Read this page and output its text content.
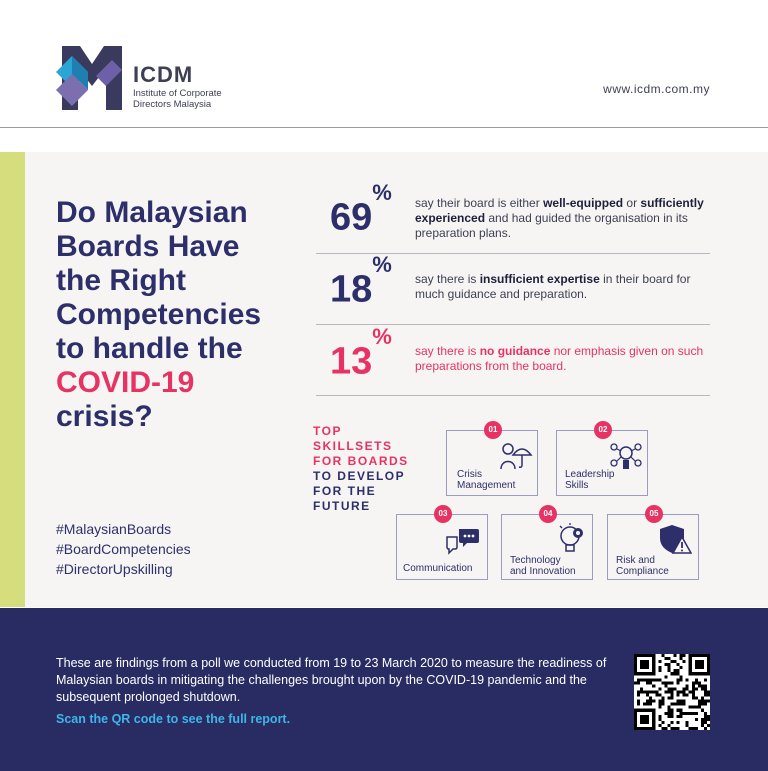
ICDM
Institute of Corporate
Directors Malaysia
www.icdm.com.my
Do Malaysian
Boards Have
the Right
Competencies
to handle the
COVID-19
crisis?
#MalaysianBoards
#BoardCompetencies
#DirectorUpskilling
69% say their board is either well-equipped or sufficiently experienced and had guided the organisation in its preparation plans.
18%
say there is insufficient expertise in their board for much guidance and preparation.
13%
say there is no guidance nor emphasis given on such preparations from the board.
TOP
SKILLSETS
FOR BOARDS
TO DEVELOP
FOR THE
FUTURE
01
Crisis
Management
02
Leadership
Skills
03
Communication
04
Technology
and Innovation
05
Risk and
Compliance
These are findings from a poll we conducted from 19 to 23 March 2020 to measure the readiness of Malaysian boards in mitigating the challenges brought upon by the COVID-19 pandemic and the subsequent prolonged shutdown.
Scan the QR code to see the full report.
